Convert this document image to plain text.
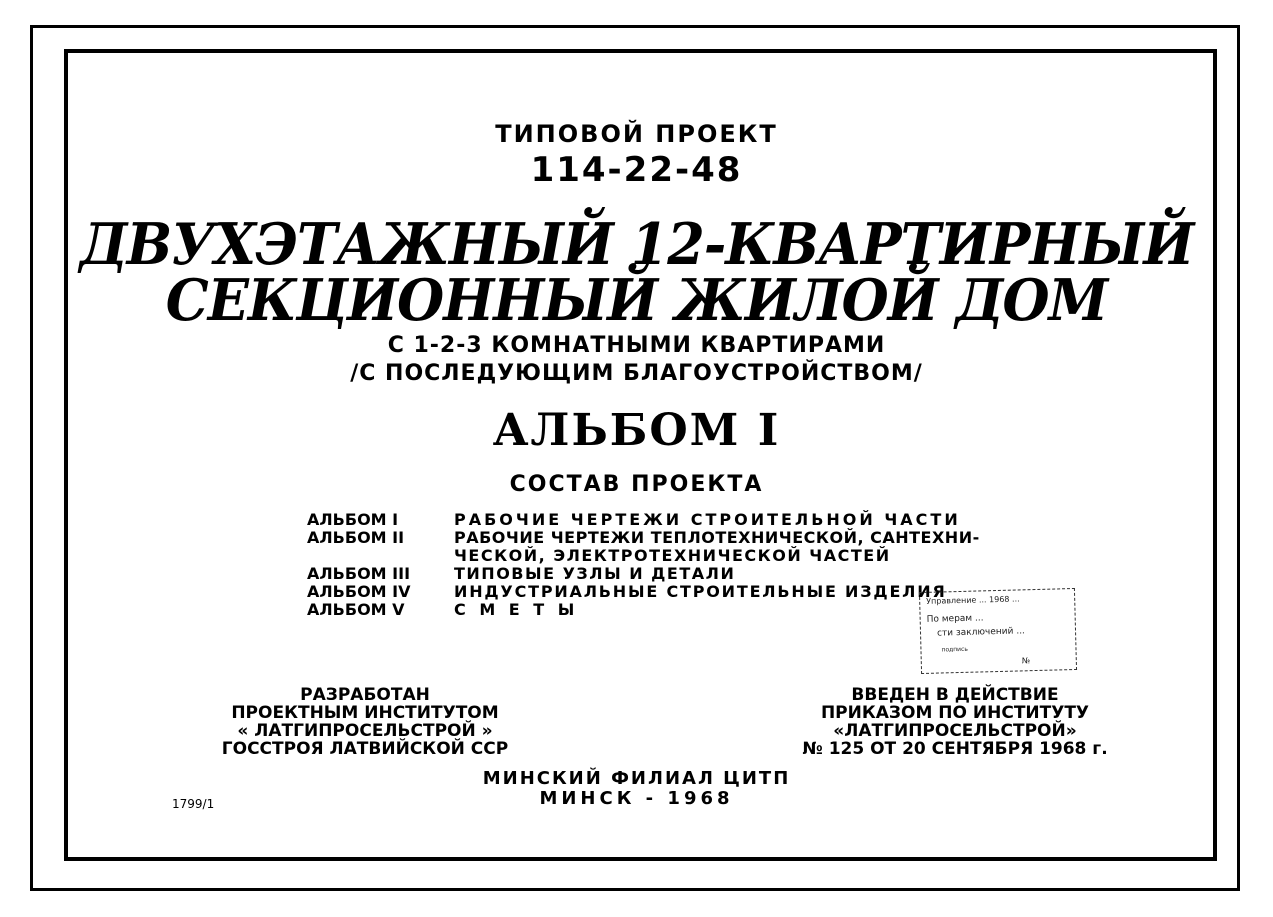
ТИПОВОЙ ПРОЕКТ
114-22-48
ДВУХЭТАЖНЫЙ 12-КВАРТИРНЫЙ
СЕКЦИОННЫЙ ЖИЛОЙ ДОМ
С 1-2-3 КОМНАТНЫМИ КВАРТИРАМИ
/С ПОСЛЕДУЮЩИМ БЛАГОУСТРОЙСТВОМ/
АЛЬБОМ I
СОСТАВ ПРОЕКТА
АЛЬБОМ I	РАБОЧИЕ ЧЕРТЕЖИ СТРОИТЕЛЬНОЙ ЧАСТИ
АЛЬБОМ II	РАБОЧИЕ ЧЕРТЕЖИ ТЕПЛОТЕХНИЧЕСКОЙ, САНТЕХНИ-
ЧЕСКОЙ, ЭЛЕКТРОТЕХНИЧЕСКОЙ ЧАСТЕЙ
АЛЬБОМ III	ТИПОВЫЕ УЗЛЫ И ДЕТАЛИ
АЛЬБОМ IV	ИНДУСТРИАЛЬНЫЕ СТРОИТЕЛЬНЫЕ ИЗДЕЛИЯ
АЛЬБОМ V	С М Е Т Ы	Управление ... 1968 ...
По мерам ...
сти заключений ...
подпись
№
РАЗРАБОТАН
ПРОЕКТНЫМ ИНСТИТУТОМ
« ЛАТГИПРОСЕЛЬСТРОЙ »
ГОССТРОЯ ЛАТВИЙСКОЙ ССР
ВВЕДЕН В ДЕЙСТВИЕ
ПРИКАЗОМ ПО ИНСТИТУТУ
«ЛАТГИПРОСЕЛЬСТРОЙ»
№ 125 ОТ 20 СЕНТЯБРЯ 1968 г.
МИНСКИЙ ФИЛИАЛ ЦИТП
МИНСК - 1968
1799/1
